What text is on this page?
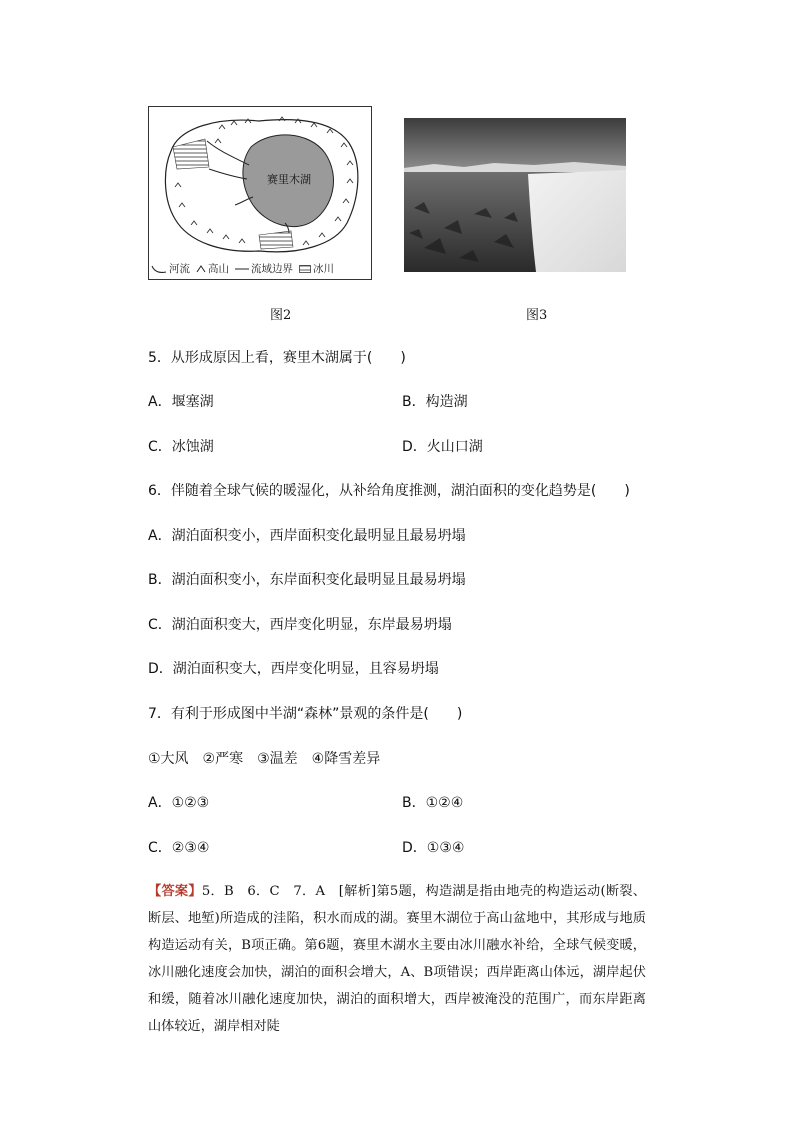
赛里木湖
河流 高山 流域边界 冰川
图2	图3
5．从形成原因上看，赛里木湖属于(　　)
A．堰塞湖	B．构造湖
C．冰蚀湖	D．火山口湖
6．伴随着全球气候的暖湿化，从补给角度推测，湖泊面积的变化趋势是(　　)
A．湖泊面积变小，西岸面积变化最明显且最易坍塌
B．湖泊面积变小，东岸面积变化最明显且最易坍塌
C．湖泊面积变大，西岸变化明显，东岸最易坍塌
D．湖泊面积变大，西岸变化明显，且容易坍塌
7．有利于形成图中半湖“森林”景观的条件是(　　)
①大风　②严寒　③温差　④降雪差异
A．①②③	B．①②④
C．②③④	D．①③④
【答案】5．B　6．C　7．A　[解析]第5题，构造湖是指由地壳的构造运动(断裂、断层、地堑)所造成的洼陷，积水而成的湖。赛里木湖位于高山盆地中，其形成与地质构造运动有关，B项正确。第6题，赛里木湖水主要由冰川融水补给，全球气候变暖，冰川融化速度会加快，湖泊的面积会增大，A、B项错误；西岸距离山体远，湖岸起伏和缓，随着冰川融化速度加快，湖泊的面积增大，西岸被淹没的范围广，而东岸距离山体较近，湖岸相对陡
